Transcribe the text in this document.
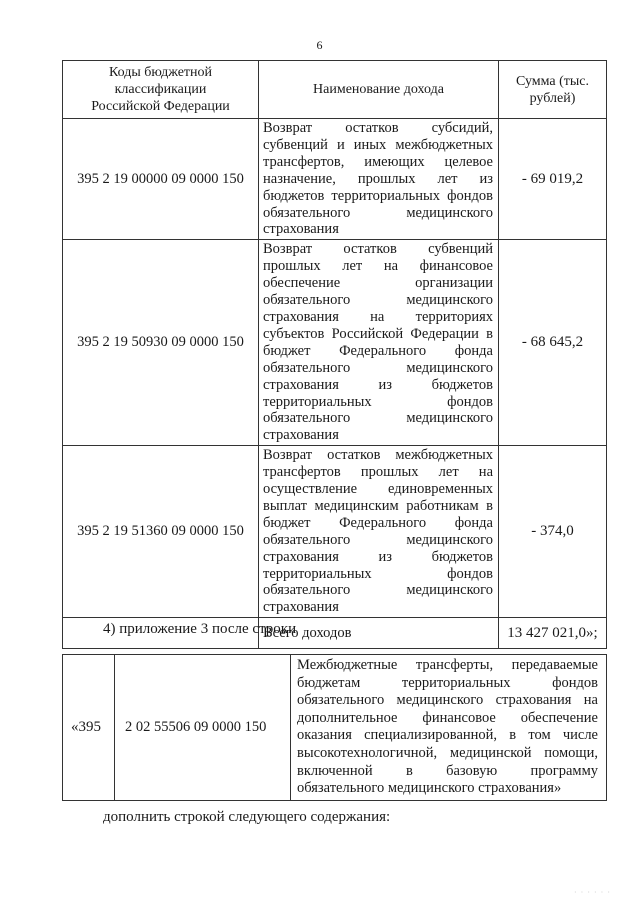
6
Коды бюджетной классификации Российской Федерации	Наименование дохода	Сумма (тыс. рублей)
395 2 19 00000 09 0000 150	Возврат остатков субсидий, субвенций и иных межбюджетных трансфертов, имеющих целевое назначение, прошлых лет из бюджетов территориальных фондов обязательного медицинского страхования	- 69 019,2
395 2 19 50930 09 0000 150	Возврат остатков субвенций прошлых лет на финансовое обеспечение организации обязательного медицинского страхования на территориях субъектов Российской Федерации в бюджет Федерального фонда обязательного медицинского страхования из бюджетов территориальных фондов обязательного медицинского страхования	- 68 645,2
395 2 19 51360 09 0000 150	Возврат остатков межбюджетных трансфертов прошлых лет на осуществление единовременных выплат медицинским работникам в бюджет Федерального фонда обязательного медицинского страхования из бюджетов территориальных фондов обязательного медицинского страхования	- 374,0
	Всего доходов	13 427 021,0»;
4) приложение 3 после строки
«395	2 02 55506 09 0000 150	Межбюджетные трансферты, передаваемые бюджетам территориальных фондов обязательного медицинского страхования на дополнительное финансовое обеспечение оказания специализированной, в том числе высокотехнологичной, медицинской помощи, включенной в базовую программу обязательного медицинского страхования»
дополнить строкой следующего содержания:
· · · · · ·
